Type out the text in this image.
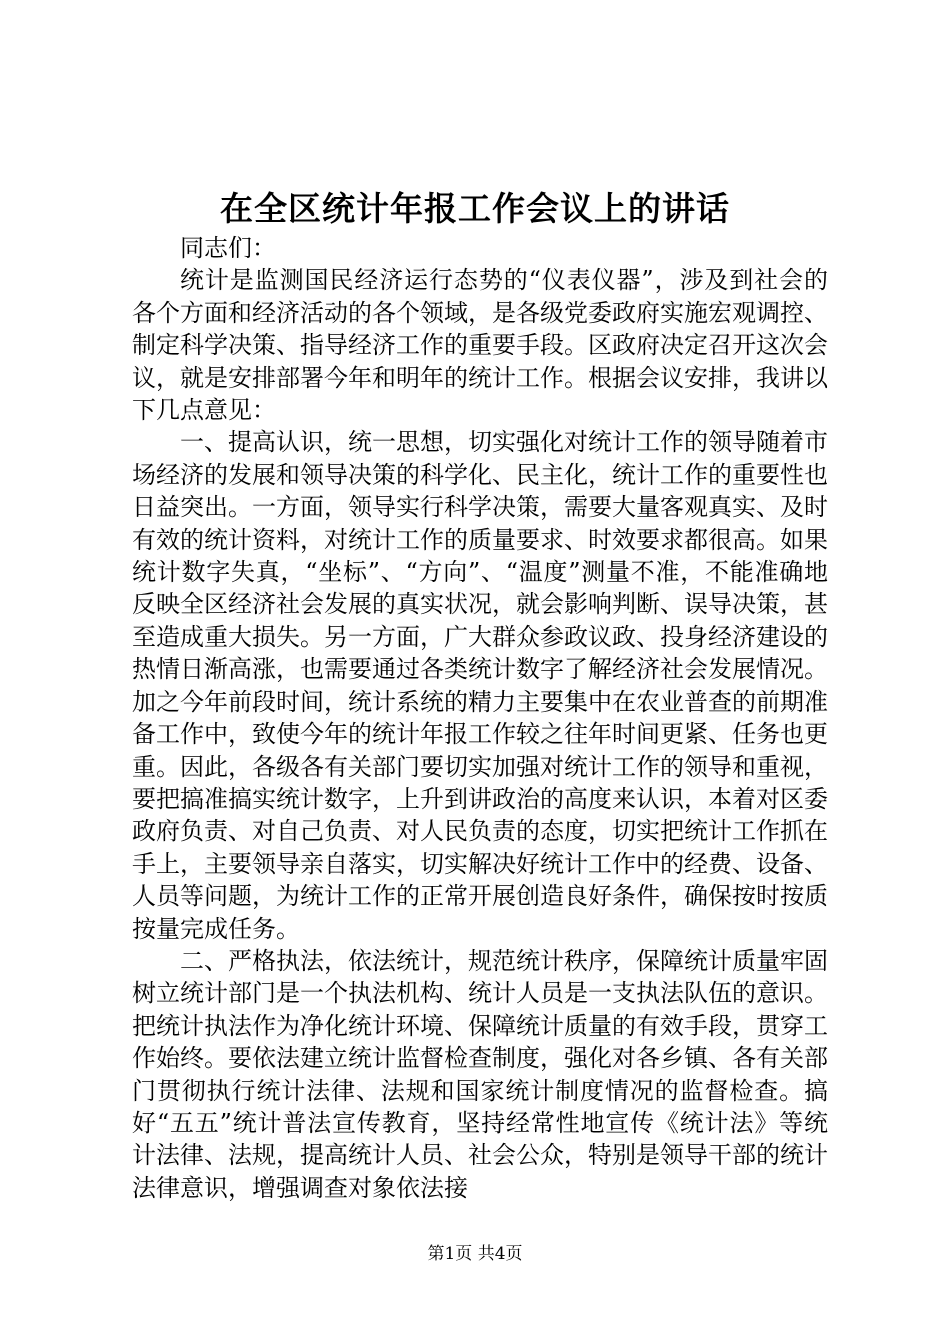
在全区统计年报工作会议上的讲话

同志们：

统计是监测国民经济运行态势的“仪表仪器”，涉及到社会的各个方面和经济活动的各个领域，是各级党委政府实施宏观调控、制定科学决策、指导经济工作的重要手段。区政府决定召开这次会议，就是安排部署今年和明年的统计工作。根据会议安排，我讲以下几点意见：

一、提高认识，统一思想，切实强化对统计工作的领导随着市场经济的发展和领导决策的科学化、民主化，统计工作的重要性也日益突出。一方面，领导实行科学决策，需要大量客观真实、及时有效的统计资料，对统计工作的质量要求、时效要求都很高。如果统计数字失真，“坐标”、“方向”、“温度”测量不准，不能准确地反映全区经济社会发展的真实状况，就会影响判断、误导决策，甚至造成重大损失。另一方面，广大群众参政议政、投身经济建设的热情日渐高涨，也需要通过各类统计数字了解经济社会发展情况。加之今年前段时间，统计系统的精力主要集中在农业普查的前期准备工作中，致使今年的统计年报工作较之往年时间更紧、任务也更重。因此，各级各有关部门要切实加强对统计工作的领导和重视，要把搞准搞实统计数字，上升到讲政治的高度来认识，本着对区委政府负责、对自己负责、对人民负责的态度，切实把统计工作抓在手上，主要领导亲自落实，切实解决好统计工作中的经费、设备、人员等问题，为统计工作的正常开展创造良好条件，确保按时按质按量完成任务。

二、严格执法，依法统计，规范统计秩序，保障统计质量牢固树立统计部门是一个执法机构、统计人员是一支执法队伍的意识。把统计执法作为净化统计环境、保障统计质量的有效手段，贯穿工作始终。要依法建立统计监督检查制度，强化对各乡镇、各有关部门贯彻执行统计法律、法规和国家统计制度情况的监督检查。搞好“五五”统计普法宣传教育，坚持经常性地宣传《统计法》等统计法律、法规，提高统计人员、社会公众，特别是领导干部的统计法律意识，增强调查对象依法接

第1页 共4页
